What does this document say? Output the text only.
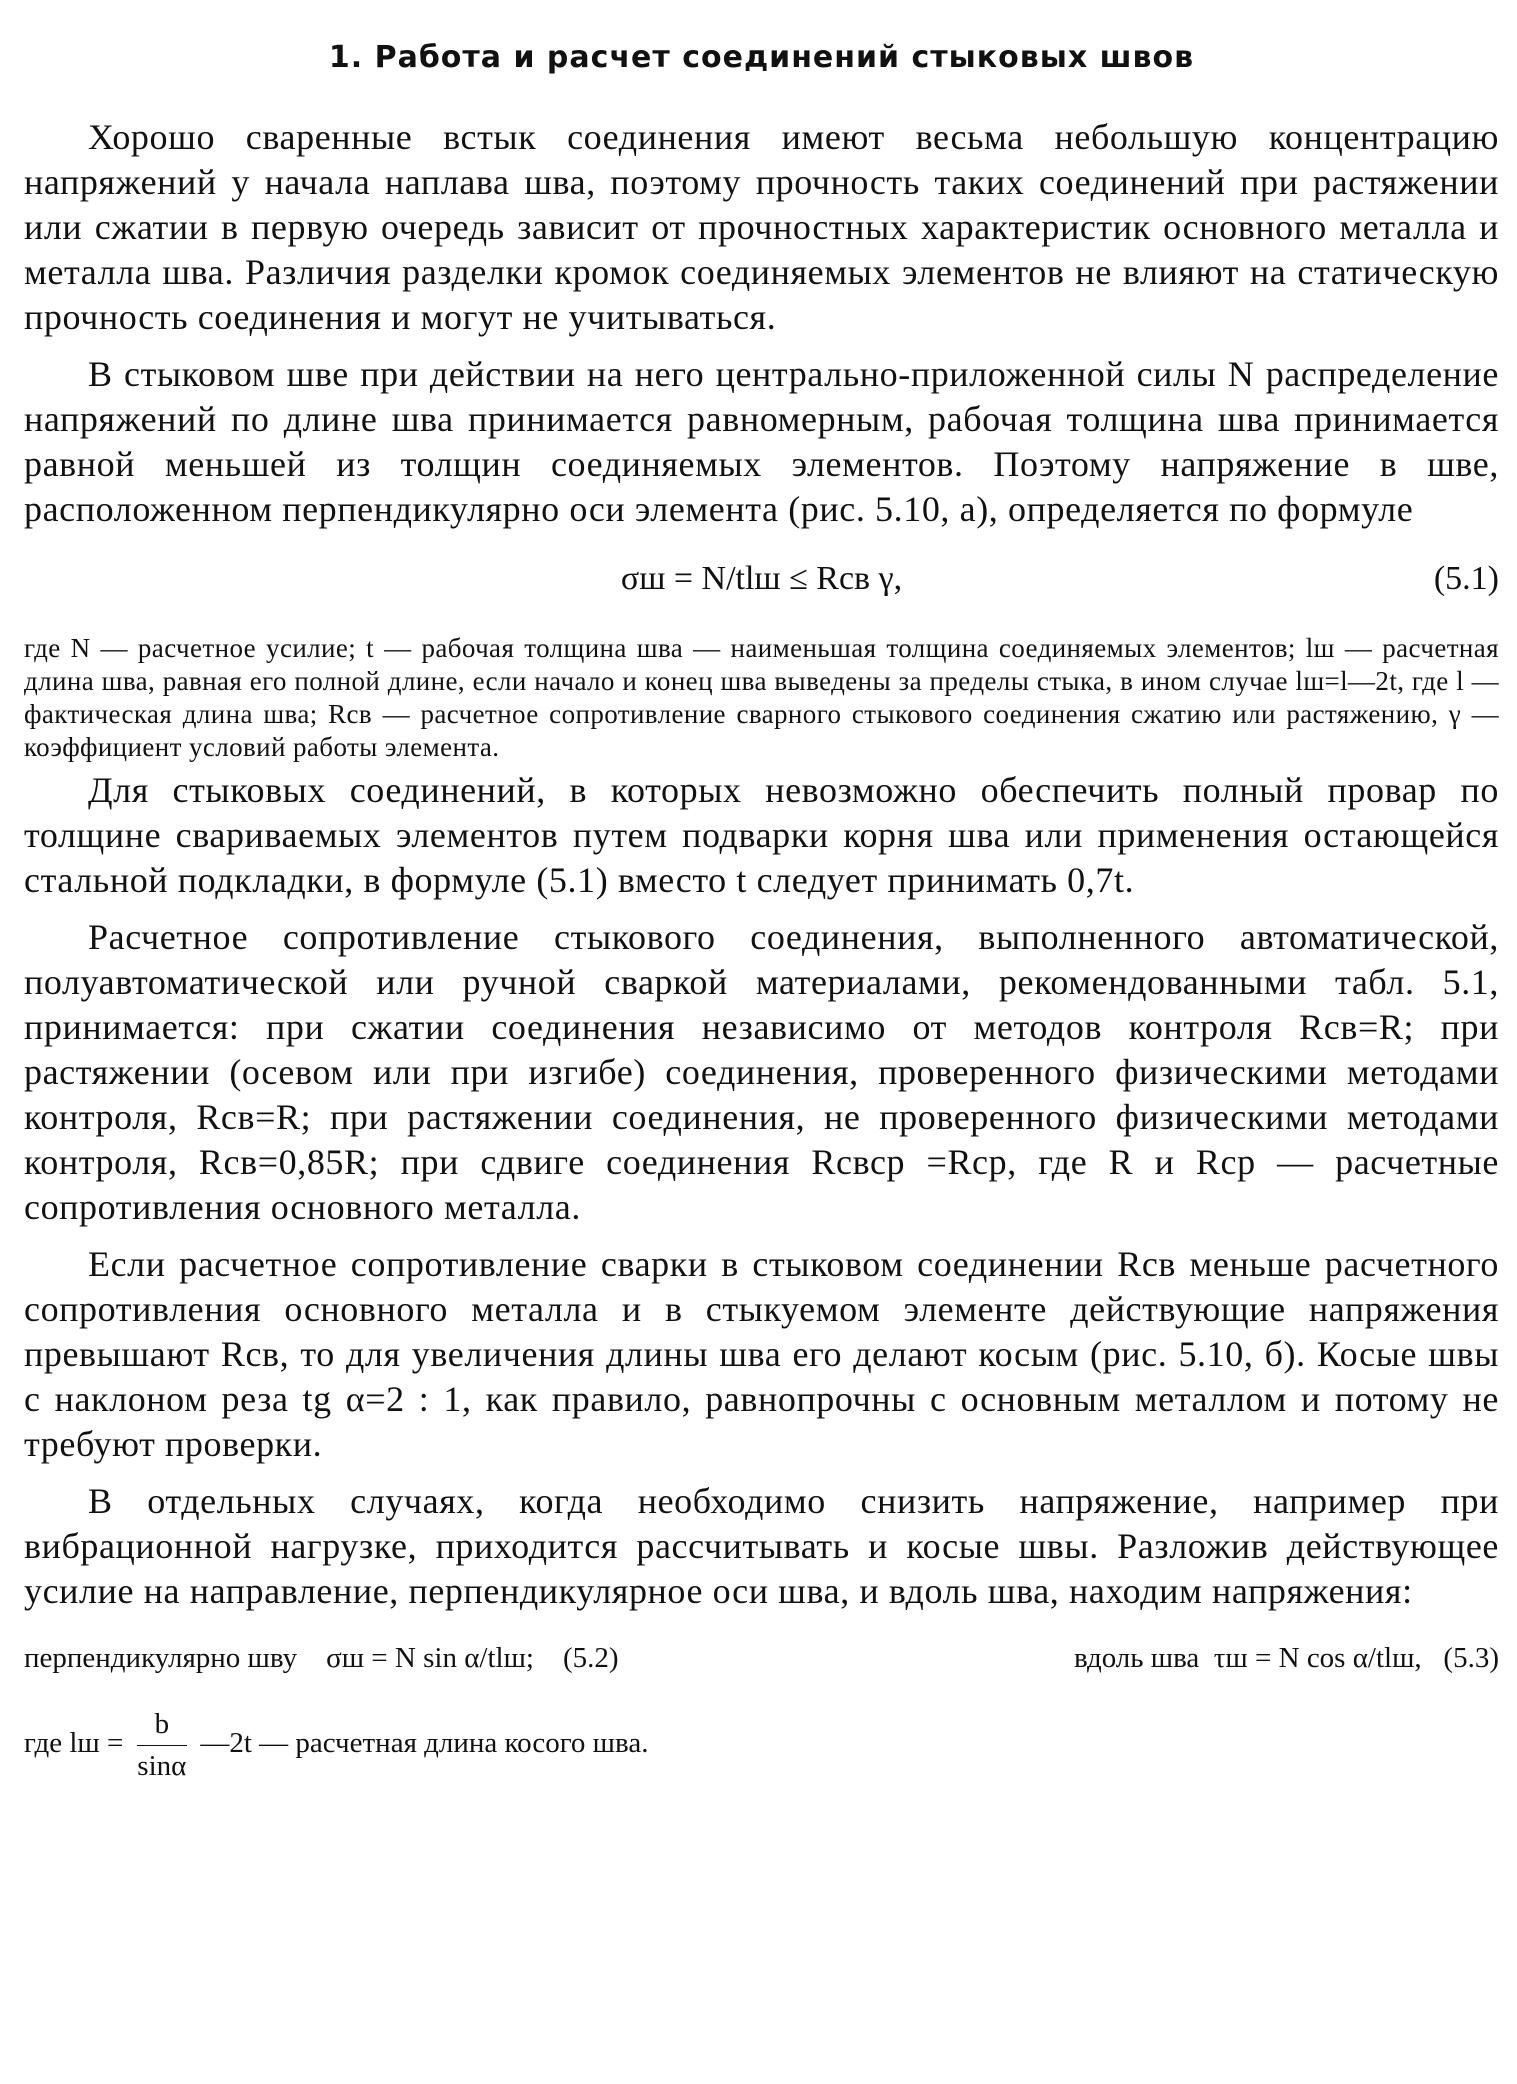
1. Работа и расчет соединений стыковых швов

Хорошо сваренные встык соединения имеют весьма небольшую концентрацию напряжений у начала наплава шва, поэтому прочность таких соединений при растяжении или сжатии в первую очередь зависит от прочностных характеристик основного металла и металла шва. Различия разделки кромок соединяемых элементов не влияют на статическую прочность соединения и могут не учитываться.

В стыковом шве при действии на него центрально-приложенной силы N распределение напряжений по длине шва принимается равномерным, рабочая толщина шва принимается равной меньшей из толщин соединяемых элементов. Поэтому напряжение в шве, расположенном перпендикулярно оси элемента (рис. 5.10, а), определяется по формуле

σш = N/tlш ≤ Rсв γ,	(5.1)

где N — расчетное усилие; t — рабочая толщина шва — наименьшая толщина соединяемых элементов; lш — расчетная длина шва, равная его полной длине, если начало и конец шва выведены за пределы стыка, в ином случае lш=l—2t, где l — фактическая длина шва; Rсв — расчетное сопротивление сварного стыкового соединения сжатию или растяжению, γ — коэффициент условий работы элемента.

Для стыковых соединений, в которых невозможно обеспечить полный провар по толщине свариваемых элементов путем подварки корня шва или применения остающейся стальной подкладки, в формуле (5.1) вместо t следует принимать 0,7t.

Расчетное сопротивление стыкового соединения, выполненного автоматической, полуавтоматической или ручной сваркой материалами, рекомендованными табл. 5.1, принимается: при сжатии соединения независимо от методов контроля Rсв=R; при растяжении (осевом или при изгибе) соединения, проверенного физическими методами контроля, Rсв=R; при растяжении соединения, не проверенного физическими методами контроля, Rсв=0,85R; при сдвиге соединения Rсвср =Rср, где R и Rср — расчетные сопротивления основного металла.

Если расчетное сопротивление сварки в стыковом соединении Rсв меньше расчетного сопротивления основного металла и в стыкуемом элементе действующие напряжения превышают Rсв, то для увеличения длины шва его делают косым (рис. 5.10, б). Косые швы с наклоном реза tg α=2 : 1, как правило, равнопрочны с основным металлом и потому не требуют проверки.

В отдельных случаях, когда необходимо снизить напряжение, например при вибрационной нагрузке, приходится рассчитывать и косые швы. Разложив действующее усилие на направление, перпендикулярное оси шва, и вдоль шва, находим напряжения:

перпендикулярно шву σш = N sin α/tlш; (5.2)	вдоль шва τш = N cos α/tlш, (5.3)
где lш = $\frac{b}{\sin\alpha}$ —2t — расчетная длина косого шва.
